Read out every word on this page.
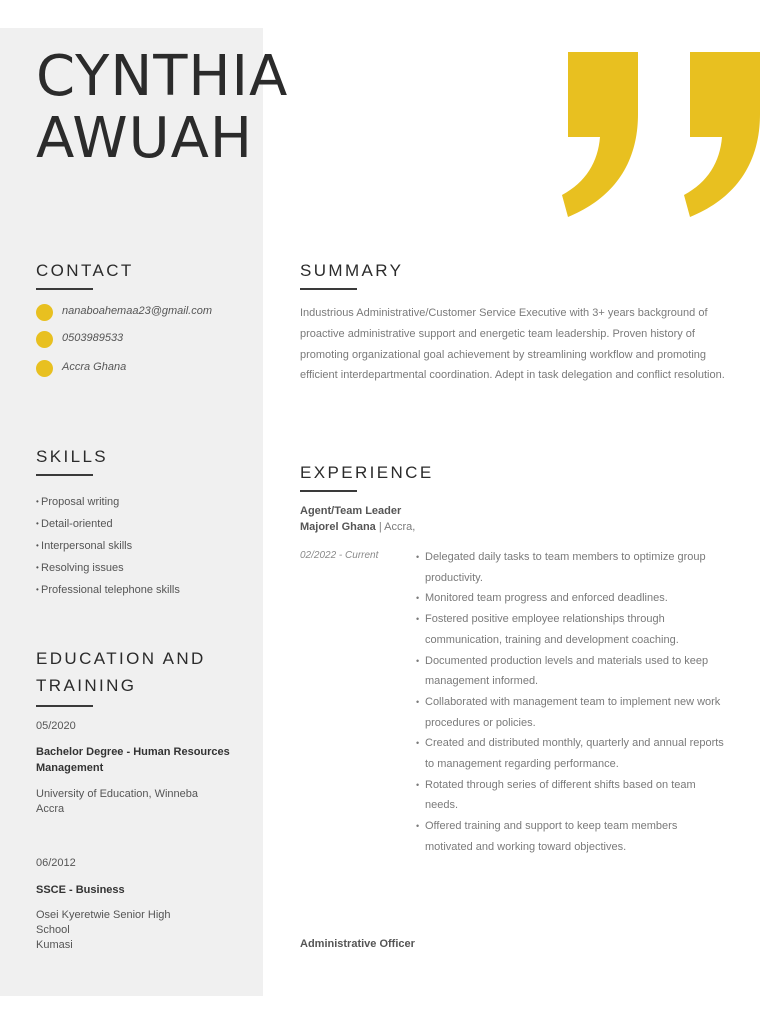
CYNTHIA
AWUAH
CONTACT
nanaboahemaa23@gmail.com
0503989533
Accra Ghana
SKILLS
• Proposal writing
• Detail-oriented
• Interpersonal skills
• Resolving issues
• Professional telephone skills
EDUCATION AND
TRAINING
05/2020
Bachelor Degree - Human Resources Management
University of Education, Winneba
Accra
06/2012
SSCE - Business
Osei Kyeretwie Senior High School
Kumasi
SUMMARY

Industrious Administrative/Customer Service Executive with 3+ years background of proactive administrative support and energetic team leadership. Proven history of promoting organizational goal achievement by streamlining workflow and promoting efficient interdepartmental coordination. Adept in task delegation and conflict resolution.

EXPERIENCE
Agent/Team Leader
Majorel Ghana | Accra,
02/2022 - Current
•	Delegated daily tasks to team members to optimize group productivity.
• Monitored team progress and enforced deadlines.
• Fostered positive employee relationships through communication, training and development coaching.
• Documented production levels and materials used to keep management informed.
• Collaborated with management team to implement new work procedures or policies.
• Created and distributed monthly, quarterly and annual reports to management regarding performance.
• Rotated through series of different shifts based on team needs.
• Offered training and support to keep team members motivated and working toward objectives.
Administrative Officer
